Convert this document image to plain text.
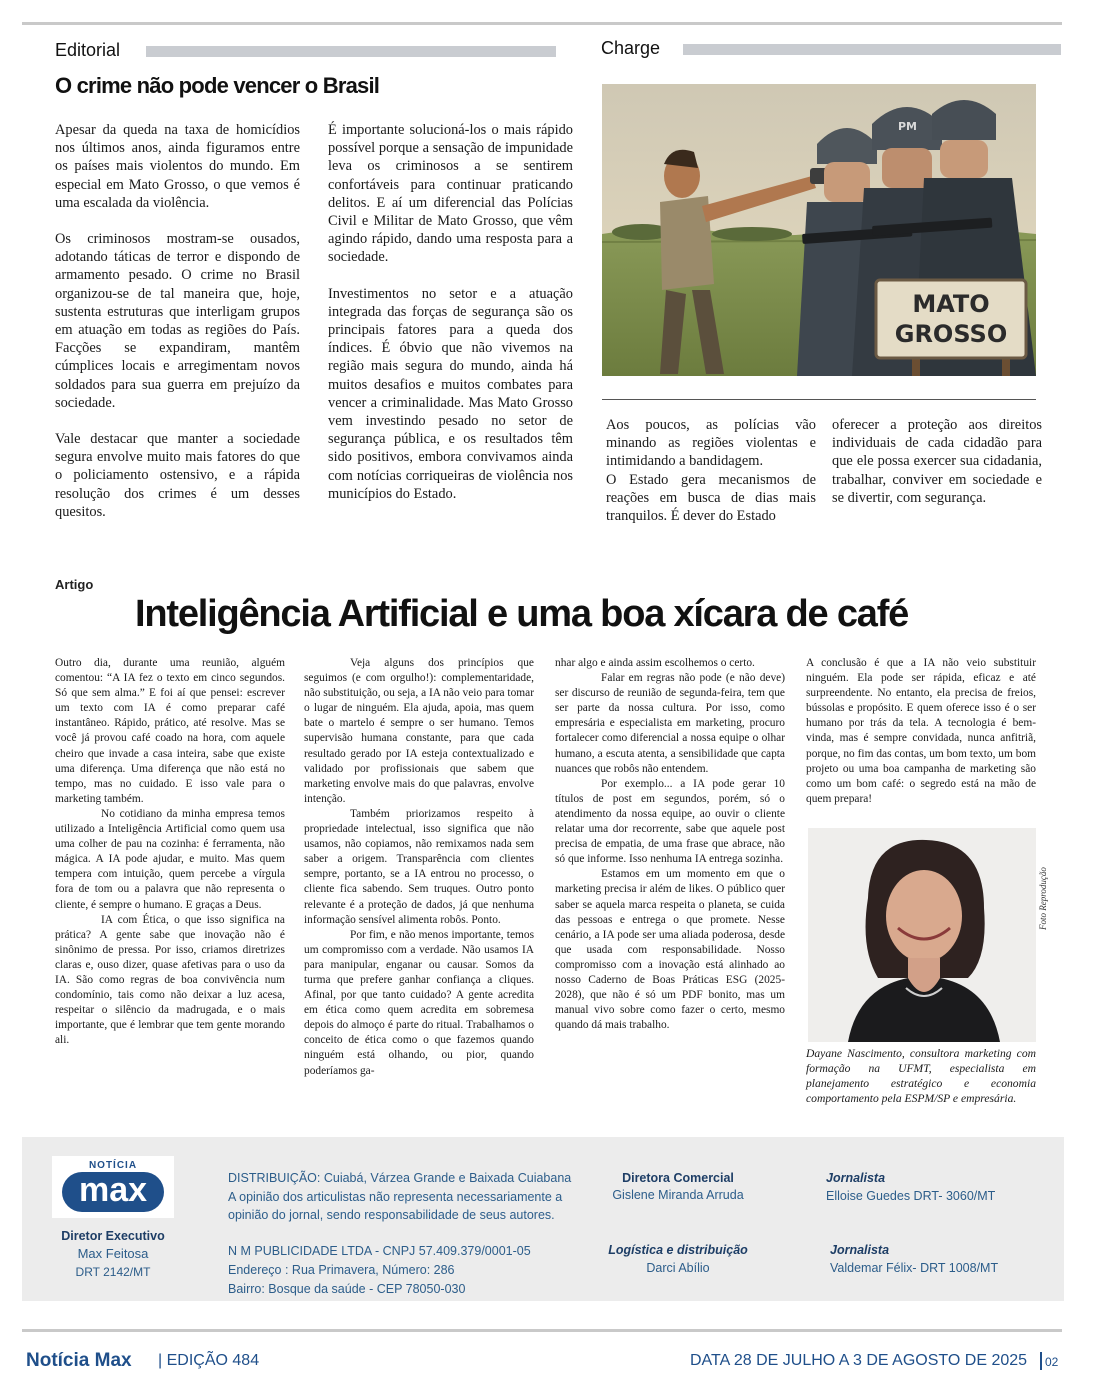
Editorial
O crime não pode vencer o Brasil

Apesar da queda na taxa de homicídios nos últimos anos, ainda figuramos entre os países mais violentos do mundo. Em especial em Mato Grosso, o que vemos é uma escalada da violência.

Os criminosos mostram-se ousados, adotando táticas de terror e dispondo de armamento pesado. O crime no Brasil organizou-se de tal maneira que, hoje, sustenta estruturas que interligam grupos em atuação em todas as regiões do País. Facções se expandiram, mantêm cúmplices locais e arregimentam novos soldados para sua guerra em prejuízo da sociedade.

Vale destacar que manter a sociedade segura envolve muito mais fatores do que o policiamento ostensivo, e a rápida resolução dos crimes é um desses quesitos.

É importante solucioná-los o mais rápido possível porque a sensação de impunidade leva os criminosos a se sentirem confortáveis para continuar praticando delitos. E aí um diferencial das Polícias Civil e Militar de Mato Grosso, que vêm agindo rápido, dando uma resposta para a sociedade.

Investimentos no setor e a atuação integrada das forças de segurança são os principais fatores para a queda dos índices. É óbvio que não vivemos na região mais segura do mundo, ainda há muitos desafios e muitos combates para vencer a criminalidade. Mas Mato Grosso vem investindo pesado no setor de segurança pública, e os resultados têm sido positivos, embora convivamos ainda com notícias corriqueiras de violência nos municípios do Estado.

Charge
PM
MATO
GROSSO

Aos poucos, as polícias vão minando as regiões violentas e intimidando a bandidagem.

O Estado gera mecanismos de reações em busca de dias mais tranquilos. É dever do Estado

oferecer a proteção aos direitos individuais de cada cidadão para que ele possa exercer sua cidadania, trabalhar, conviver em sociedade e se divertir, com segurança.

Artigo
Inteligência Artificial e uma boa xícara de café

Outro dia, durante uma reunião, alguém comentou: “A IA fez o texto em cinco segundos. Só que sem alma.” E foi aí que pensei: escrever um texto com IA é como preparar café instantâneo. Rápido, prático, até resolve. Mas se você já provou café coado na hora, com aquele cheiro que invade a casa inteira, sabe que existe uma diferença. Uma diferença que não está no tempo, mas no cuidado. E isso vale para o marketing também.

No cotidiano da minha empresa temos utilizado a Inteligência Artificial como quem usa uma colher de pau na cozinha: é ferramenta, não mágica. A IA pode ajudar, e muito. Mas quem tempera com intuição, quem percebe a vírgula fora de tom ou a palavra que não representa o cliente, é sempre o humano. E graças a Deus.

IA com Ética, o que isso significa na prática? A gente sabe que inovação não é sinônimo de pressa. Por isso, criamos diretrizes claras e, ouso dizer, quase afetivas para o uso da IA. São como regras de boa convivência num condomínio, tais como não deixar a luz acesa, respeitar o silêncio da madrugada, e o mais importante, que é lembrar que tem gente morando ali.

Veja alguns dos princípios que seguimos (e com orgulho!): complementaridade, não substituição, ou seja, a IA não veio para tomar o lugar de ninguém. Ela ajuda, apoia, mas quem bate o martelo é sempre o ser humano. Temos supervisão humana constante, para que cada resultado gerado por IA esteja contextualizado e validado por profissionais que sabem que marketing envolve mais do que palavras, envolve intenção.

Também priorizamos respeito à propriedade intelectual, isso significa que não usamos, não copiamos, não remixamos nada sem saber a origem. Transparência com clientes sempre, portanto, se a IA entrou no processo, o cliente fica sabendo. Sem truques. Outro ponto relevante é a proteção de dados, já que nenhuma informação sensível alimenta robôs. Ponto.

Por fim, e não menos importante, temos um compromisso com a verdade. Não usamos IA para manipular, enganar ou causar. Somos da turma que prefere ganhar confiança a cliques. Afinal, por que tanto cuidado? A gente acredita em ética como quem acredita em sobremesa depois do almoço é parte do ritual. Trabalhamos o conceito de ética como o que fazemos quando ninguém está olhando, ou pior, quando poderíamos ga-

nhar algo e ainda assim escolhemos o certo.

Falar em regras não pode (e não deve) ser discurso de reunião de segunda-feira, tem que ser parte da nossa cultura. Por isso, como empresária e especialista em marketing, procuro fortalecer como diferencial a nossa equipe o olhar humano, a escuta atenta, a sensibilidade que capta nuances que robôs não entendem.

Por exemplo... a IA pode gerar 10 títulos de post em segundos, porém, só o atendimento da nossa equipe, ao ouvir o cliente relatar uma dor recorrente, sabe que aquele post precisa de empatia, de uma frase que abrace, não só que informe. Isso nenhuma IA entrega sozinha.

Estamos em um momento em que o marketing precisa ir além de likes. O público quer saber se aquela marca respeita o planeta, se cuida das pessoas e entrega o que promete. Nesse cenário, a IA pode ser uma aliada poderosa, desde que usada com responsabilidade. Nosso compromisso com a inovação está alinhado ao nosso Caderno de Boas Práticas ESG (2025-2028), que não é só um PDF bonito, mas um manual vivo sobre como fazer o certo, mesmo quando dá mais trabalho.

A conclusão é que a IA não veio substituir ninguém. Ela pode ser rápida, eficaz e até surpreendente. No entanto, ela precisa de freios, bússolas e propósito. E quem oferece isso é o ser humano por trás da tela. A tecnologia é bem-vinda, mas é sempre convidada, nunca anfitriã, porque, no fim das contas, um bom texto, um bom projeto ou uma boa campanha de marketing são como um bom café: o segredo está na mão de quem prepara!

Foto Reprodução
Dayane Nascimento, consultora marketing com formação na UFMT, especialista em planejamento estratégico e economia comportamento pela ESPM/SP e empresária.
NOTÍCIA
max
Diretor Executivo
Max Feitosa
DRT 2142/MT
DISTRIBUIÇÃO: Cuiabá, Várzea Grande e Baixada Cuiabana
A opinião dos articulistas não representa necessariamente a
opinião do jornal, sendo responsabilidade de seus autores.
N M PUBLICIDADE LTDA - CNPJ 57.409.379/0001-05
Endereço : Rua Primavera, Número: 286
Bairro: Bosque da saúde - CEP 78050-030
Diretora Comercial
Gislene Miranda Arruda
Logística e distribuição
Darci Abílio
Jornalista
Elloise Guedes DRT- 3060/MT
Jornalista
Valdemar Félix- DRT 1008/MT
Notícia Max | EDIÇÃO 484	DATA 28 DE JULHO A 3 DE AGOSTO DE 2025 02
